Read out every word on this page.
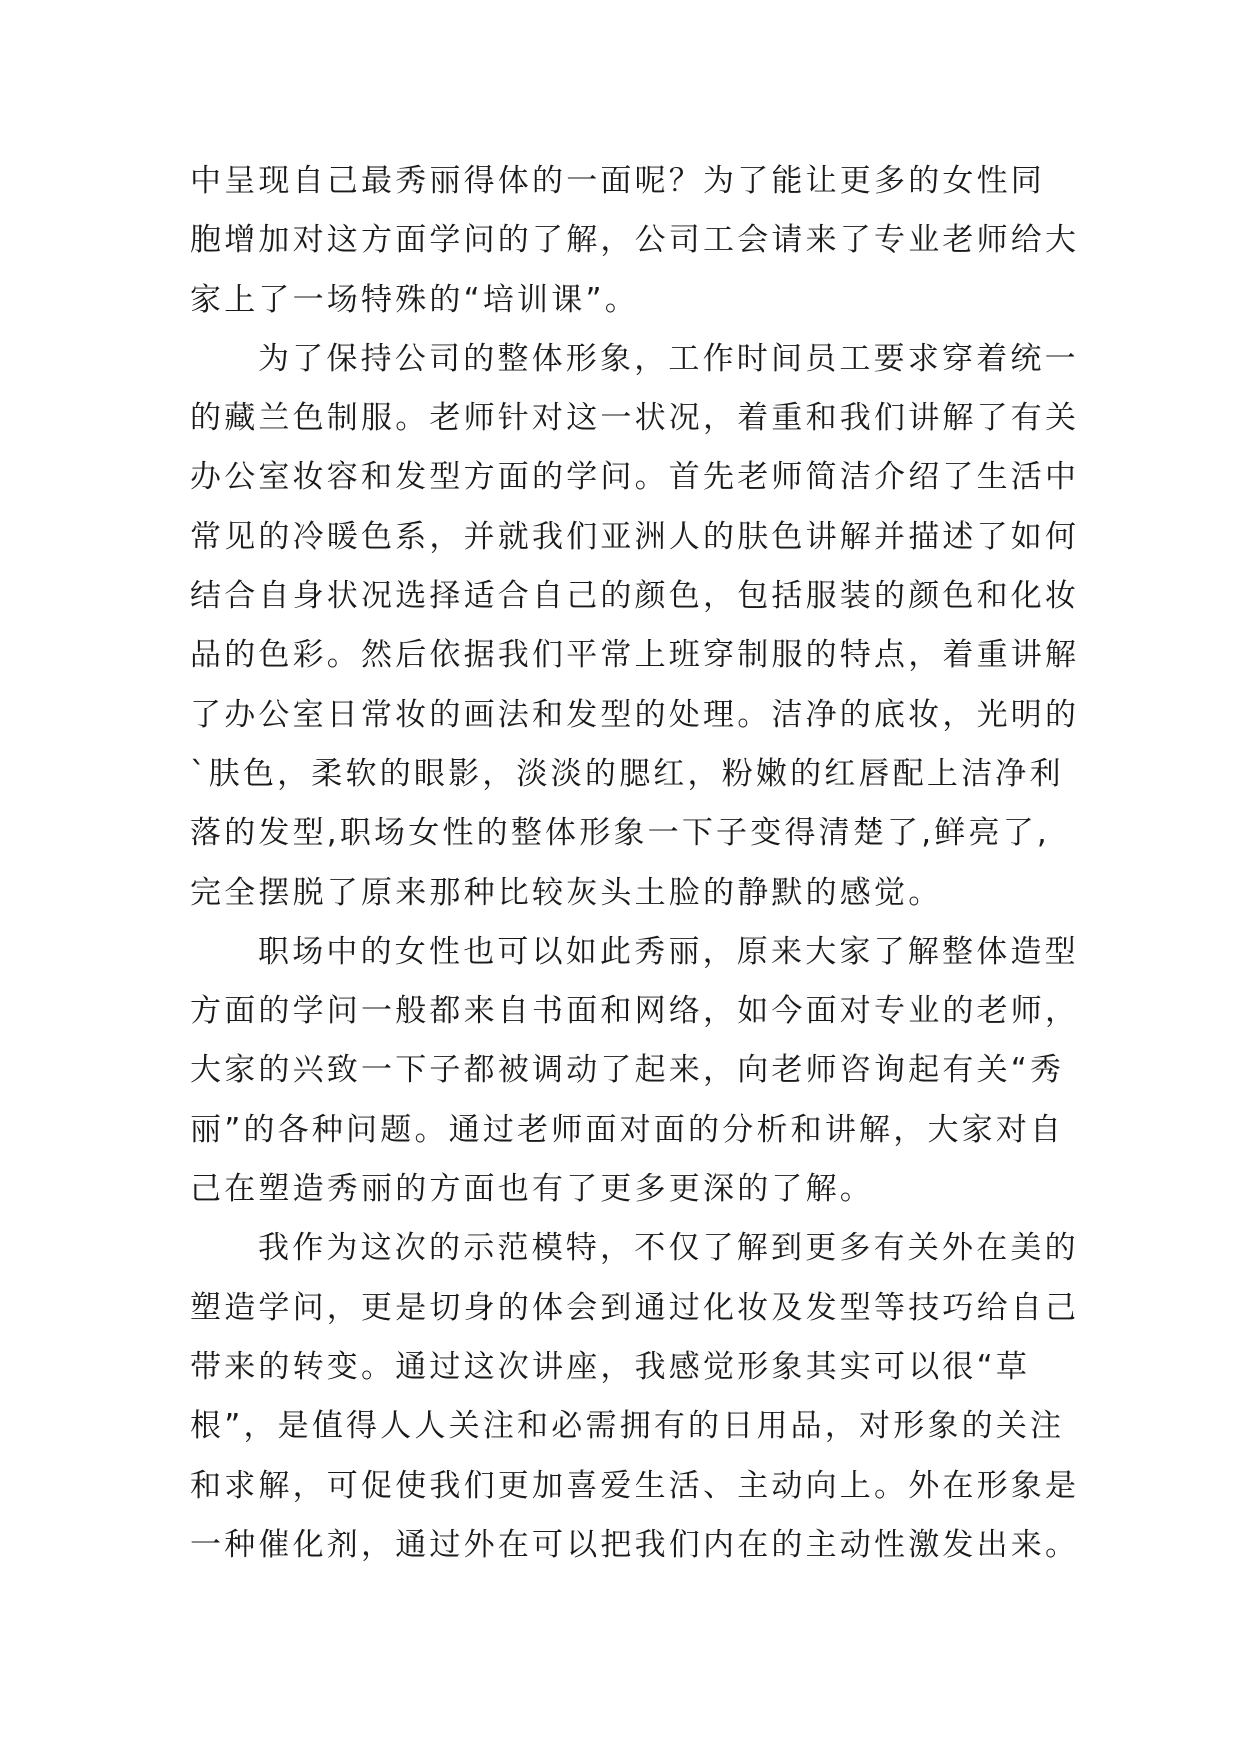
中呈现自己最秀丽得体的一面呢？为了能让更多的女性同
胞增加对这方面学问的了解，公司工会请来了专业老师给大
家上了一场特殊的“培训课”。
为了保持公司的整体形象，工作时间员工要求穿着统一
的藏兰色制服。老师针对这一状况，着重和我们讲解了有关
办公室妆容和发型方面的学问。首先老师简洁介绍了生活中
常见的冷暖色系，并就我们亚洲人的肤色讲解并描述了如何
结合自身状况选择适合自己的颜色，包括服装的颜色和化妆
品的色彩。然后依据我们平常上班穿制服的特点，着重讲解
了办公室日常妆的画法和发型的处理。洁净的底妆，光明的
`肤色，柔软的眼影，淡淡的腮红，粉嫩的红唇配上洁净利
落的发型,职场女性的整体形象一下子变得清楚了,鲜亮了,
完全摆脱了原来那种比较灰头土脸的静默的感觉。
职场中的女性也可以如此秀丽，原来大家了解整体造型
方面的学问一般都来自书面和网络，如今面对专业的老师，
大家的兴致一下子都被调动了起来，向老师咨询起有关“秀
丽”的各种问题。通过老师面对面的分析和讲解，大家对自
己在塑造秀丽的方面也有了更多更深的了解。
我作为这次的示范模特，不仅了解到更多有关外在美的
塑造学问，更是切身的体会到通过化妆及发型等技巧给自己
带来的转变。通过这次讲座，我感觉形象其实可以很“草
根”，是值得人人关注和必需拥有的日用品，对形象的关注
和求解，可促使我们更加喜爱生活、主动向上。外在形象是
一种催化剂，通过外在可以把我们内在的主动性激发出来。
